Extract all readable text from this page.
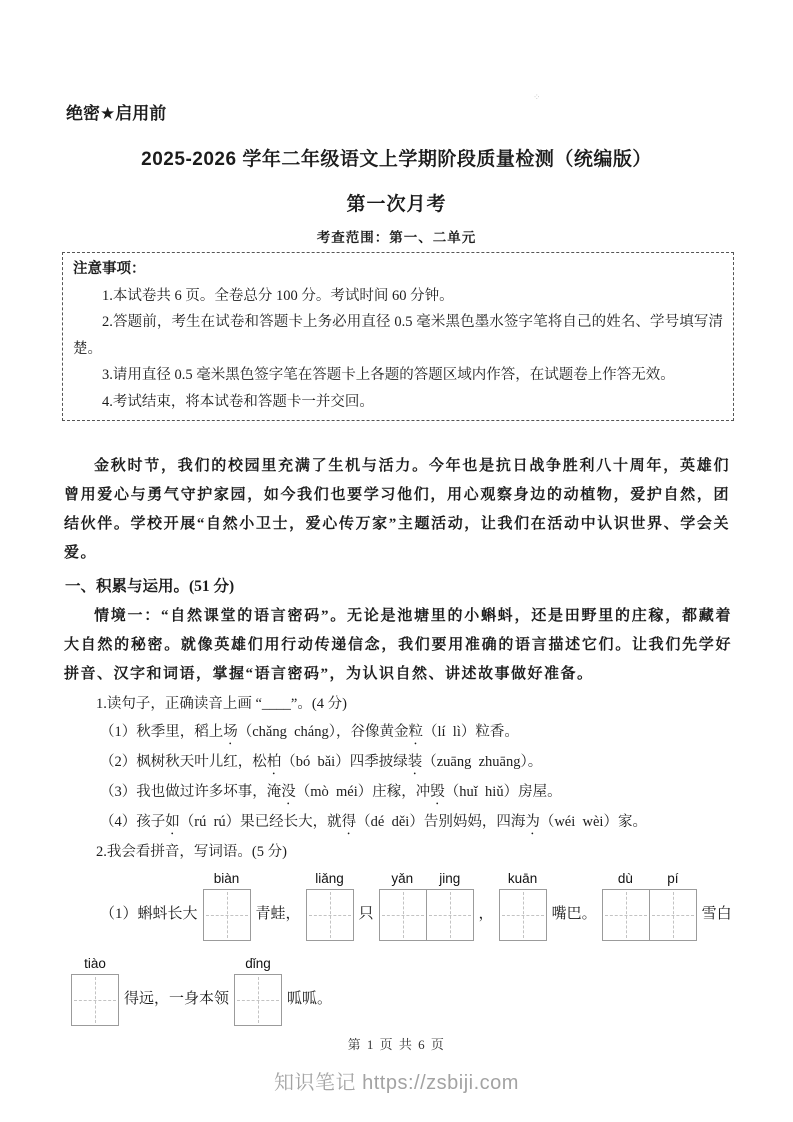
绝密★启用前
⁘
2025-2026 学年二年级语文上学期阶段质量检测（统编版）
第一次月考
考查范围：第一、二单元
注意事项：

1.本试卷共 6 页。全卷总分 100 分。考试时间 60 分钟。

2.答题前，考生在试卷和答题卡上务必用直径 0.5 毫米黑色墨水签字笔将自己的姓名、学号填写清楚。

3.请用直径 0.5 毫米黑色签字笔在答题卡上各题的答题区域内作答，在试题卷上作答无效。

4.考试结束，将本试卷和答题卡一并交回。

金秋时节，我们的校园里充满了生机与活力。今年也是抗日战争胜利八十周年，英雄们曾用爱心与勇气守护家园，如今我们也要学习他们，用心观察身边的动植物，爱护自然，团结伙伴。学校开展“自然小卫士，爱心传万家”主题活动，让我们在活动中认识世界、学会关爱。

一、积累与运用。(51 分)

情境一：“自然课堂的语言密码”。无论是池塘里的小蝌蚪，还是田野里的庄稼，都藏着大自然的秘密。就像英雄们用行动传递信念，我们要用准确的语言描述它们。让我们先学好拼音、汉字和词语，掌握“语言密码”，为认识自然、讲述故事做好准备。

1.读句子，正确读音上画 “____”。(4 分)

（1）秋季里，稻上场（chǎng  cháng），谷像黄金粒（lí  lì）粒香。

（2）枫树秋天叶儿红，松柏（bó  bǎi）四季披绿装（zuāng  zhuāng）。

（3）我也做过许多坏事，淹没（mò  méi）庄稼，冲毁（huǐ  hiǔ）房屋。

（4）孩子如（rú  rú）果已经长大，就得（dé  děi）告别妈妈，四海为（wéi  wèi）家。

2.我会看拼音，写词语。(5 分)

（1）蝌蚪长大
biàn
青蛙，
liǎng
只
yǎn	jing
，
kuān
嘴巴。
dù	pí
雪白
tiào
得远，一身本领
dǐng
呱呱。
第 1 页 共 6 页
知识笔记 https://zsbiji.com
